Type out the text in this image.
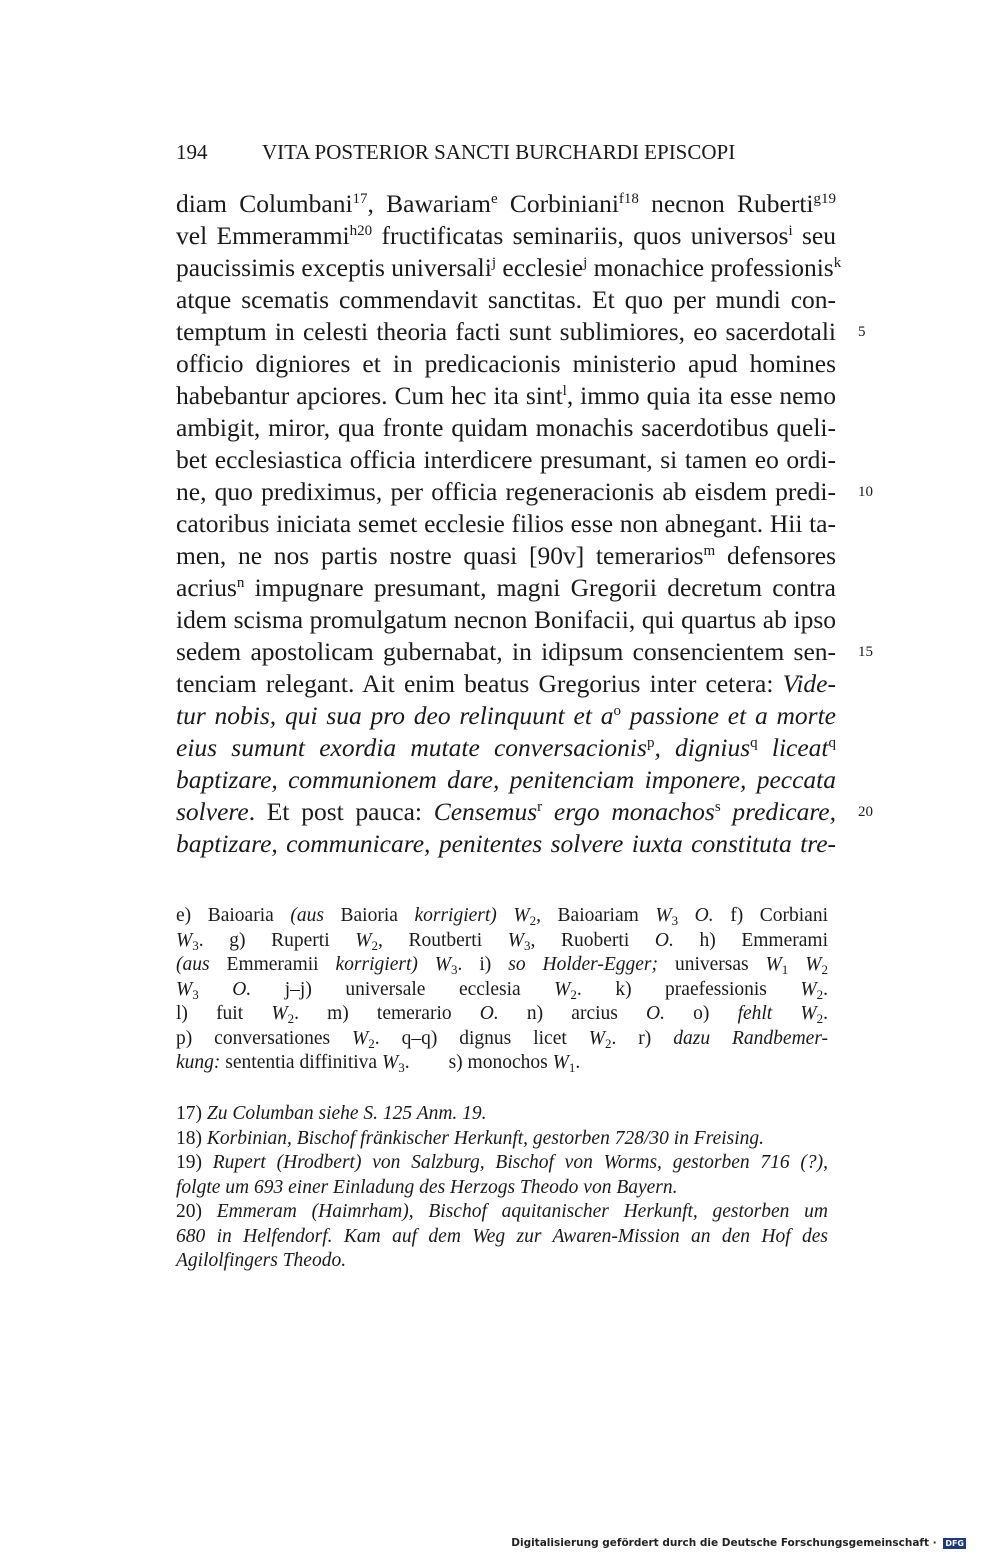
194	VITA POSTERIOR SANCTI BURCHARDI EPISCOPI
diam Columbani$^{17}$, Bawariam$^e$ Corbiniani$^{f18}$ necnon Ruberti$^{g19}$
vel Emmerammi$^{h20}$ fructificatas seminariis, quos universos$^i$ seu
paucissimis exceptis universali$^j$ ecclesie$^j$ monachice professionis$^k$
atque scematis commendavit sanctitas. Et quo per mundi con-
temptum in celesti theoria facti sunt sublimiores, eo sacerdotali 5
officio digniores et in predicacionis ministerio apud homines
habebantur apciores. Cum hec ita sint$^l$, immo quia ita esse nemo
ambigit, miror, qua fronte quidam monachis sacerdotibus queli-
bet ecclesiastica officia interdicere presumant, si tamen eo ordi-
ne, quo prediximus, per officia regeneracionis ab eisdem predi- 10
catoribus iniciata semet ecclesie filios esse non abnegant. Hii ta-
men, ne nos partis nostre quasi [90v] temerarios$^m$ defensores
acrius$^n$ impugnare presumant, magni Gregorii decretum contra
idem scisma promulgatum necnon Bonifacii, qui quartus ab ipso
sedem apostolicam gubernabat, in idipsum consencientem sen- 15
tenciam relegant. Ait enim beatus Gregorius inter cetera: Vide-
tur nobis, qui sua pro deo relinquunt et $a^o$ passione et a morte
eius sumunt exordia mutate conversacionis$^p$, dignius$^q$ liceat$^q$
baptizare, communionem dare, penitenciam imponere, peccata
solvere. Et post pauca: Censemus$^r$ ergo monachos$^s$ predicare, 20
baptizare, communicare, penitentes solvere iuxta constituta tre-
e) Baioaria (aus Baioria korrigiert) $W_2$, Baioariam $W_3$ O. f) Corbiani
$W_3$. g) Ruperti $W_2$, Routberti $W_3$, Ruoberti O. h) Emmerami
(aus Emmeramii korrigiert) $W_3$. i) so Holder-Egger; universas $W_1$ $W_2$
$W_3$ O. j–j) universale ecclesia $W_2$. k) praefessionis $W_2$.
l) fuit $W_2$. m) temerario O. n) arcius O. o) fehlt $W_2$.
p) conversationes $W_2$. q–q) dignus licet $W_2$. r) dazu Randbemer-
kung: sententia diffinitiva $W_3$. s) monochos $W_1$.
17) Zu Columban siehe S. 125 Anm. 19.
18) Korbinian, Bischof fränkischer Herkunft, gestorben 728/30 in Freising.
19) Rupert (Hrodbert) von Salzburg, Bischof von Worms, gestorben 716 (?),
folgte um 693 einer Einladung des Herzogs Theodo von Bayern.
20) Emmeram (Haimrham), Bischof aquitanischer Herkunft, gestorben um
680 in Helfendorf. Kam auf dem Weg zur Awaren-Mission an den Hof des
Agilolfingers Theodo.
Digitalisierung gefördert durch die Deutsche Forschungsgemeinschaft · DFG
